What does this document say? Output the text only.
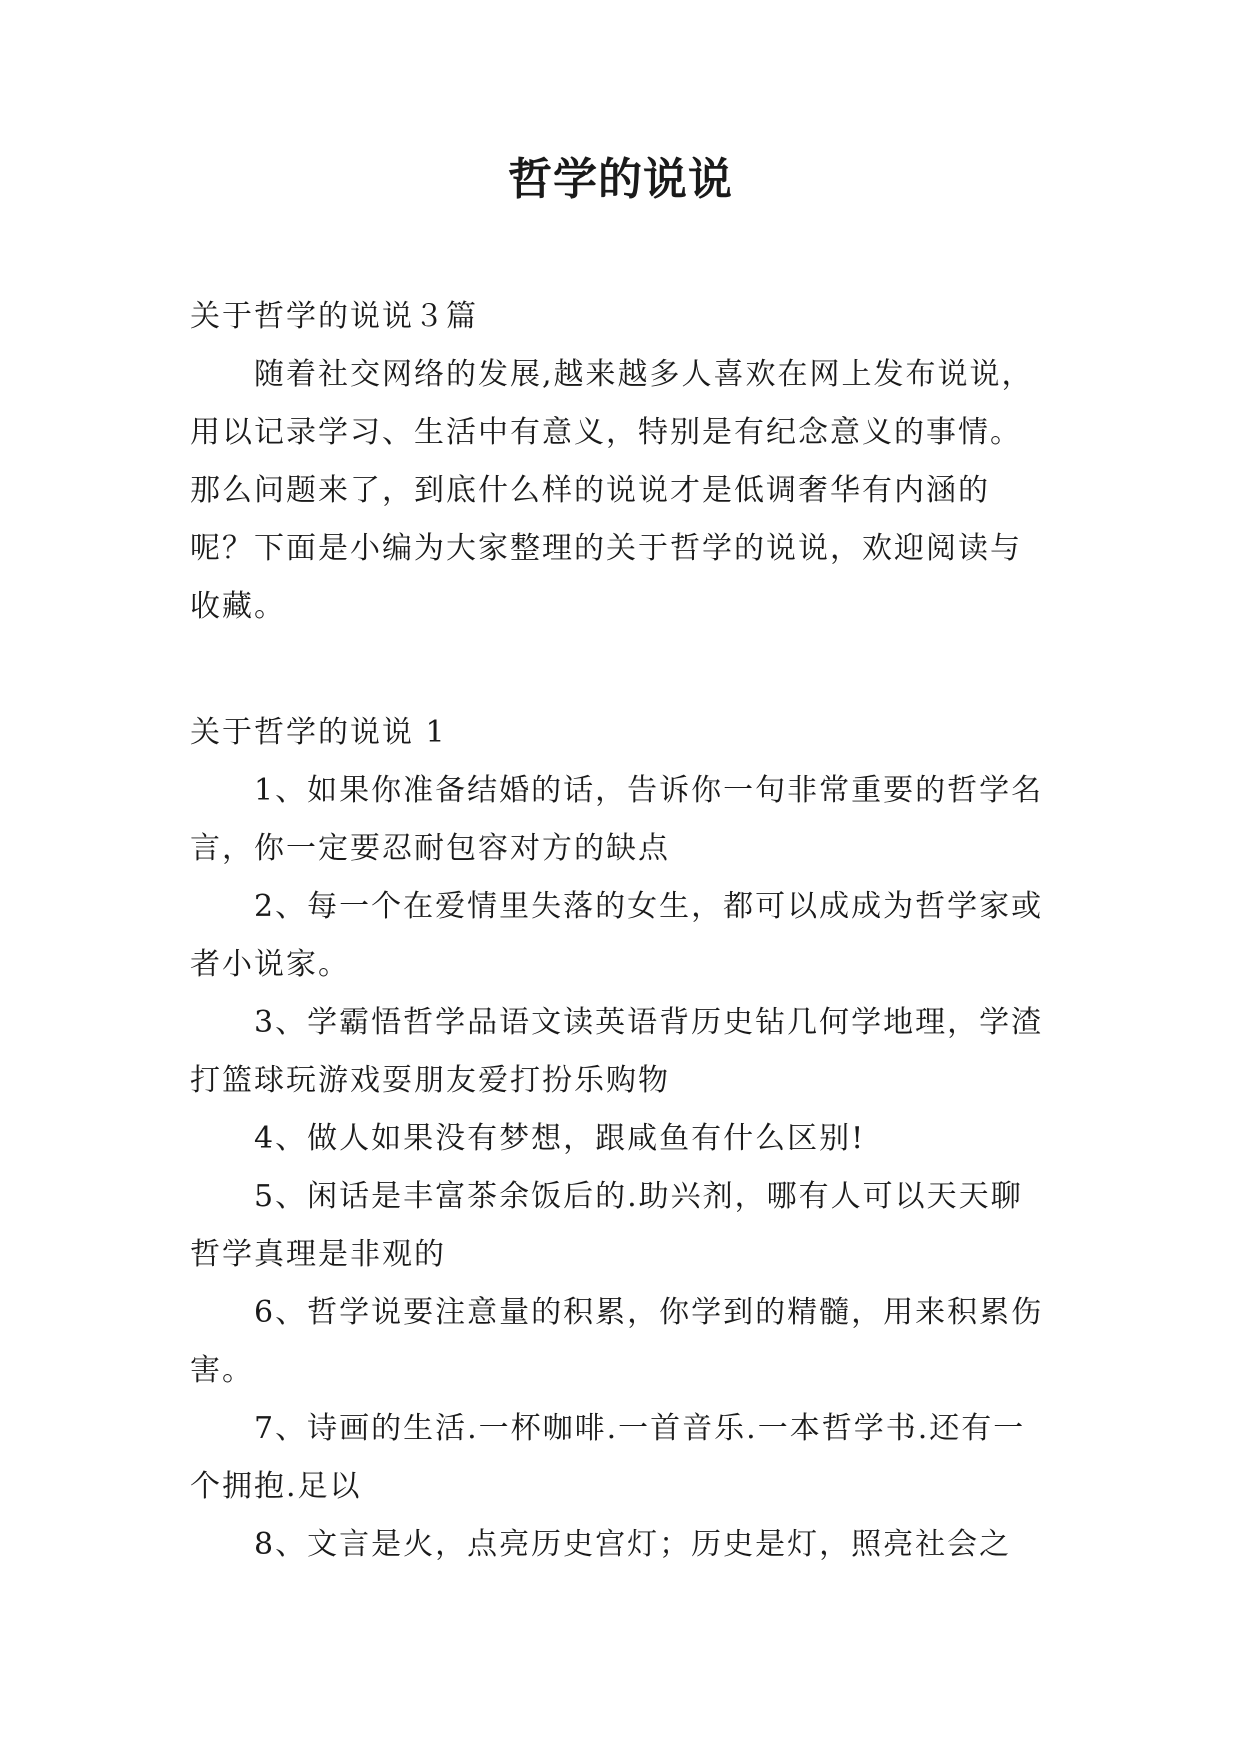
哲学的说说

关于哲学的说说３篇

随着社交网络的发展,越来越多人喜欢在网上发布说说，用以记录学习、生活中有意义，特别是有纪念意义的事情。那么问题来了，到底什么样的说说才是低调奢华有内涵的呢？下面是小编为大家整理的关于哲学的说说，欢迎阅读与收藏。

关于哲学的说说 1

1、如果你准备结婚的话，告诉你一句非常重要的哲学名言，你一定要忍耐包容对方的缺点

2、每一个在爱情里失落的女生，都可以成成为哲学家或者小说家。

3、学霸悟哲学品语文读英语背历史钻几何学地理，学渣打篮球玩游戏耍朋友爱打扮乐购物

4、做人如果没有梦想，跟咸鱼有什么区别!

5、闲话是丰富茶余饭后的.助兴剂，哪有人可以天天聊哲学真理是非观的

6、哲学说要注意量的积累，你学到的精髓，用来积累伤害。

7、诗画的生活.一杯咖啡.一首音乐.一本哲学书.还有一个拥抱.足以

8、文言是火，点亮历史宫灯；历史是灯，照亮社会之
